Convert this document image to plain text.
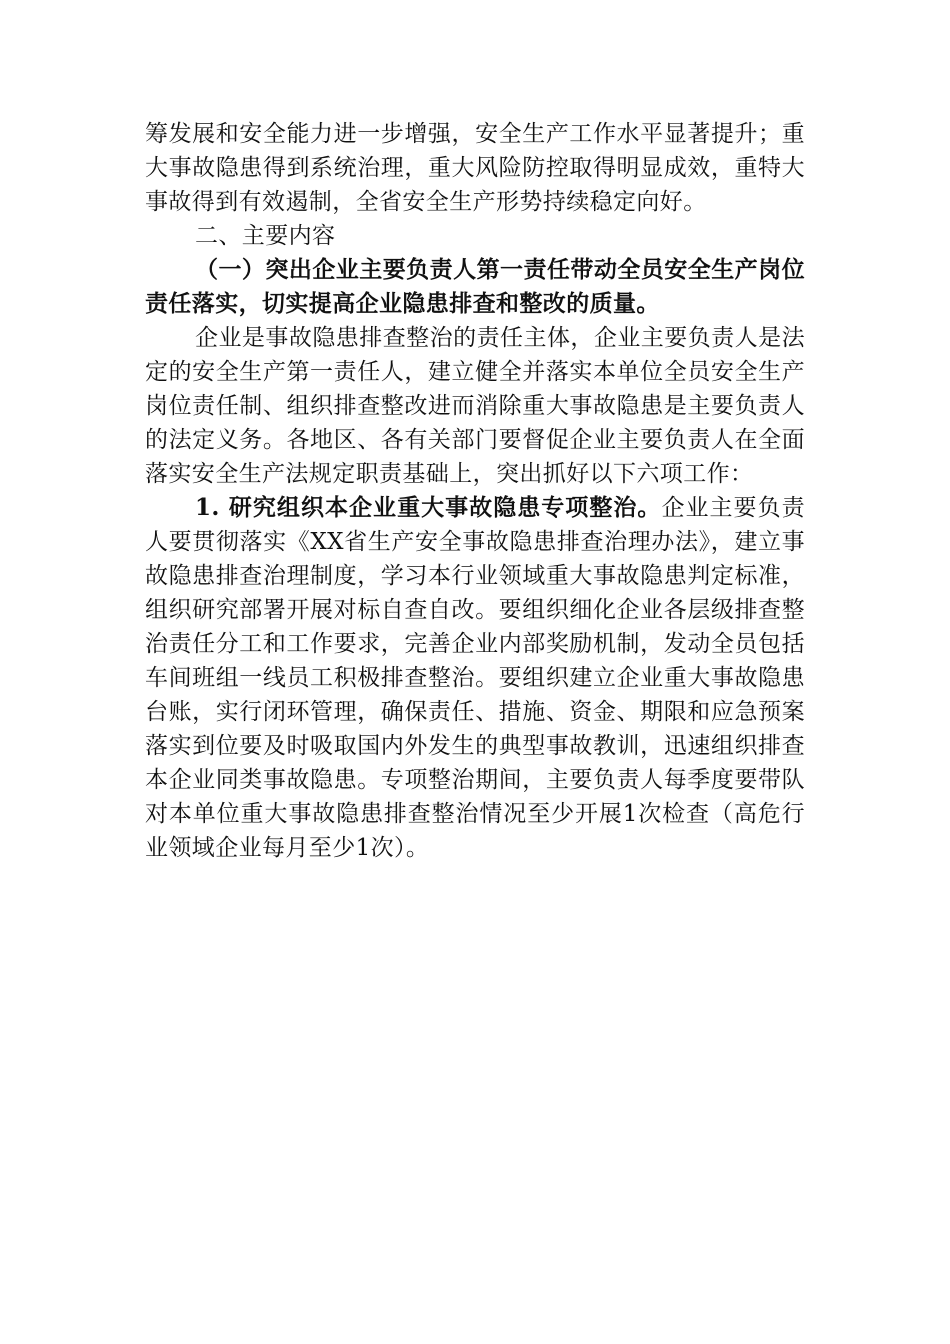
筹发展和安全能力进一步增强，安全生产工作水平显著提升；重大事故隐患得到系统治理，重大风险防控取得明显成效，重特大事故得到有效遏制，全省安全生产形势持续稳定向好。

二、主要内容

（一）突出企业主要负责人第一责任带动全员安全生产岗位责任落实，切实提高企业隐患排查和整改的质量。

企业是事故隐患排查整治的责任主体，企业主要负责人是法定的安全生产第一责任人，建立健全并落实本单位全员安全生产岗位责任制、组织排查整改进而消除重大事故隐患是主要负责人的法定义务。各地区、各有关部门要督促企业主要负责人在全面落实安全生产法规定职责基础上，突出抓好以下六项工作：

1. 研究组织本企业重大事故隐患专项整治。企业主要负责人要贯彻落实《XX省生产安全事故隐患排查治理办法》，建立事故隐患排查治理制度，学习本行业领域重大事故隐患判定标准，组织研究部署开展对标自查自改。要组织细化企业各层级排查整治责任分工和工作要求，完善企业内部奖励机制，发动全员包括车间班组一线员工积极排查整治。要组织建立企业重大事故隐患台账，实行闭环管理，确保责任、措施、资金、期限和应急预案落实到位要及时吸取国内外发生的典型事故教训，迅速组织排查本企业同类事故隐患。专项整治期间，主要负责人每季度要带队对本单位重大事故隐患排查整治情况至少开展1次检查（高危行业领域企业每月至少1次）。
